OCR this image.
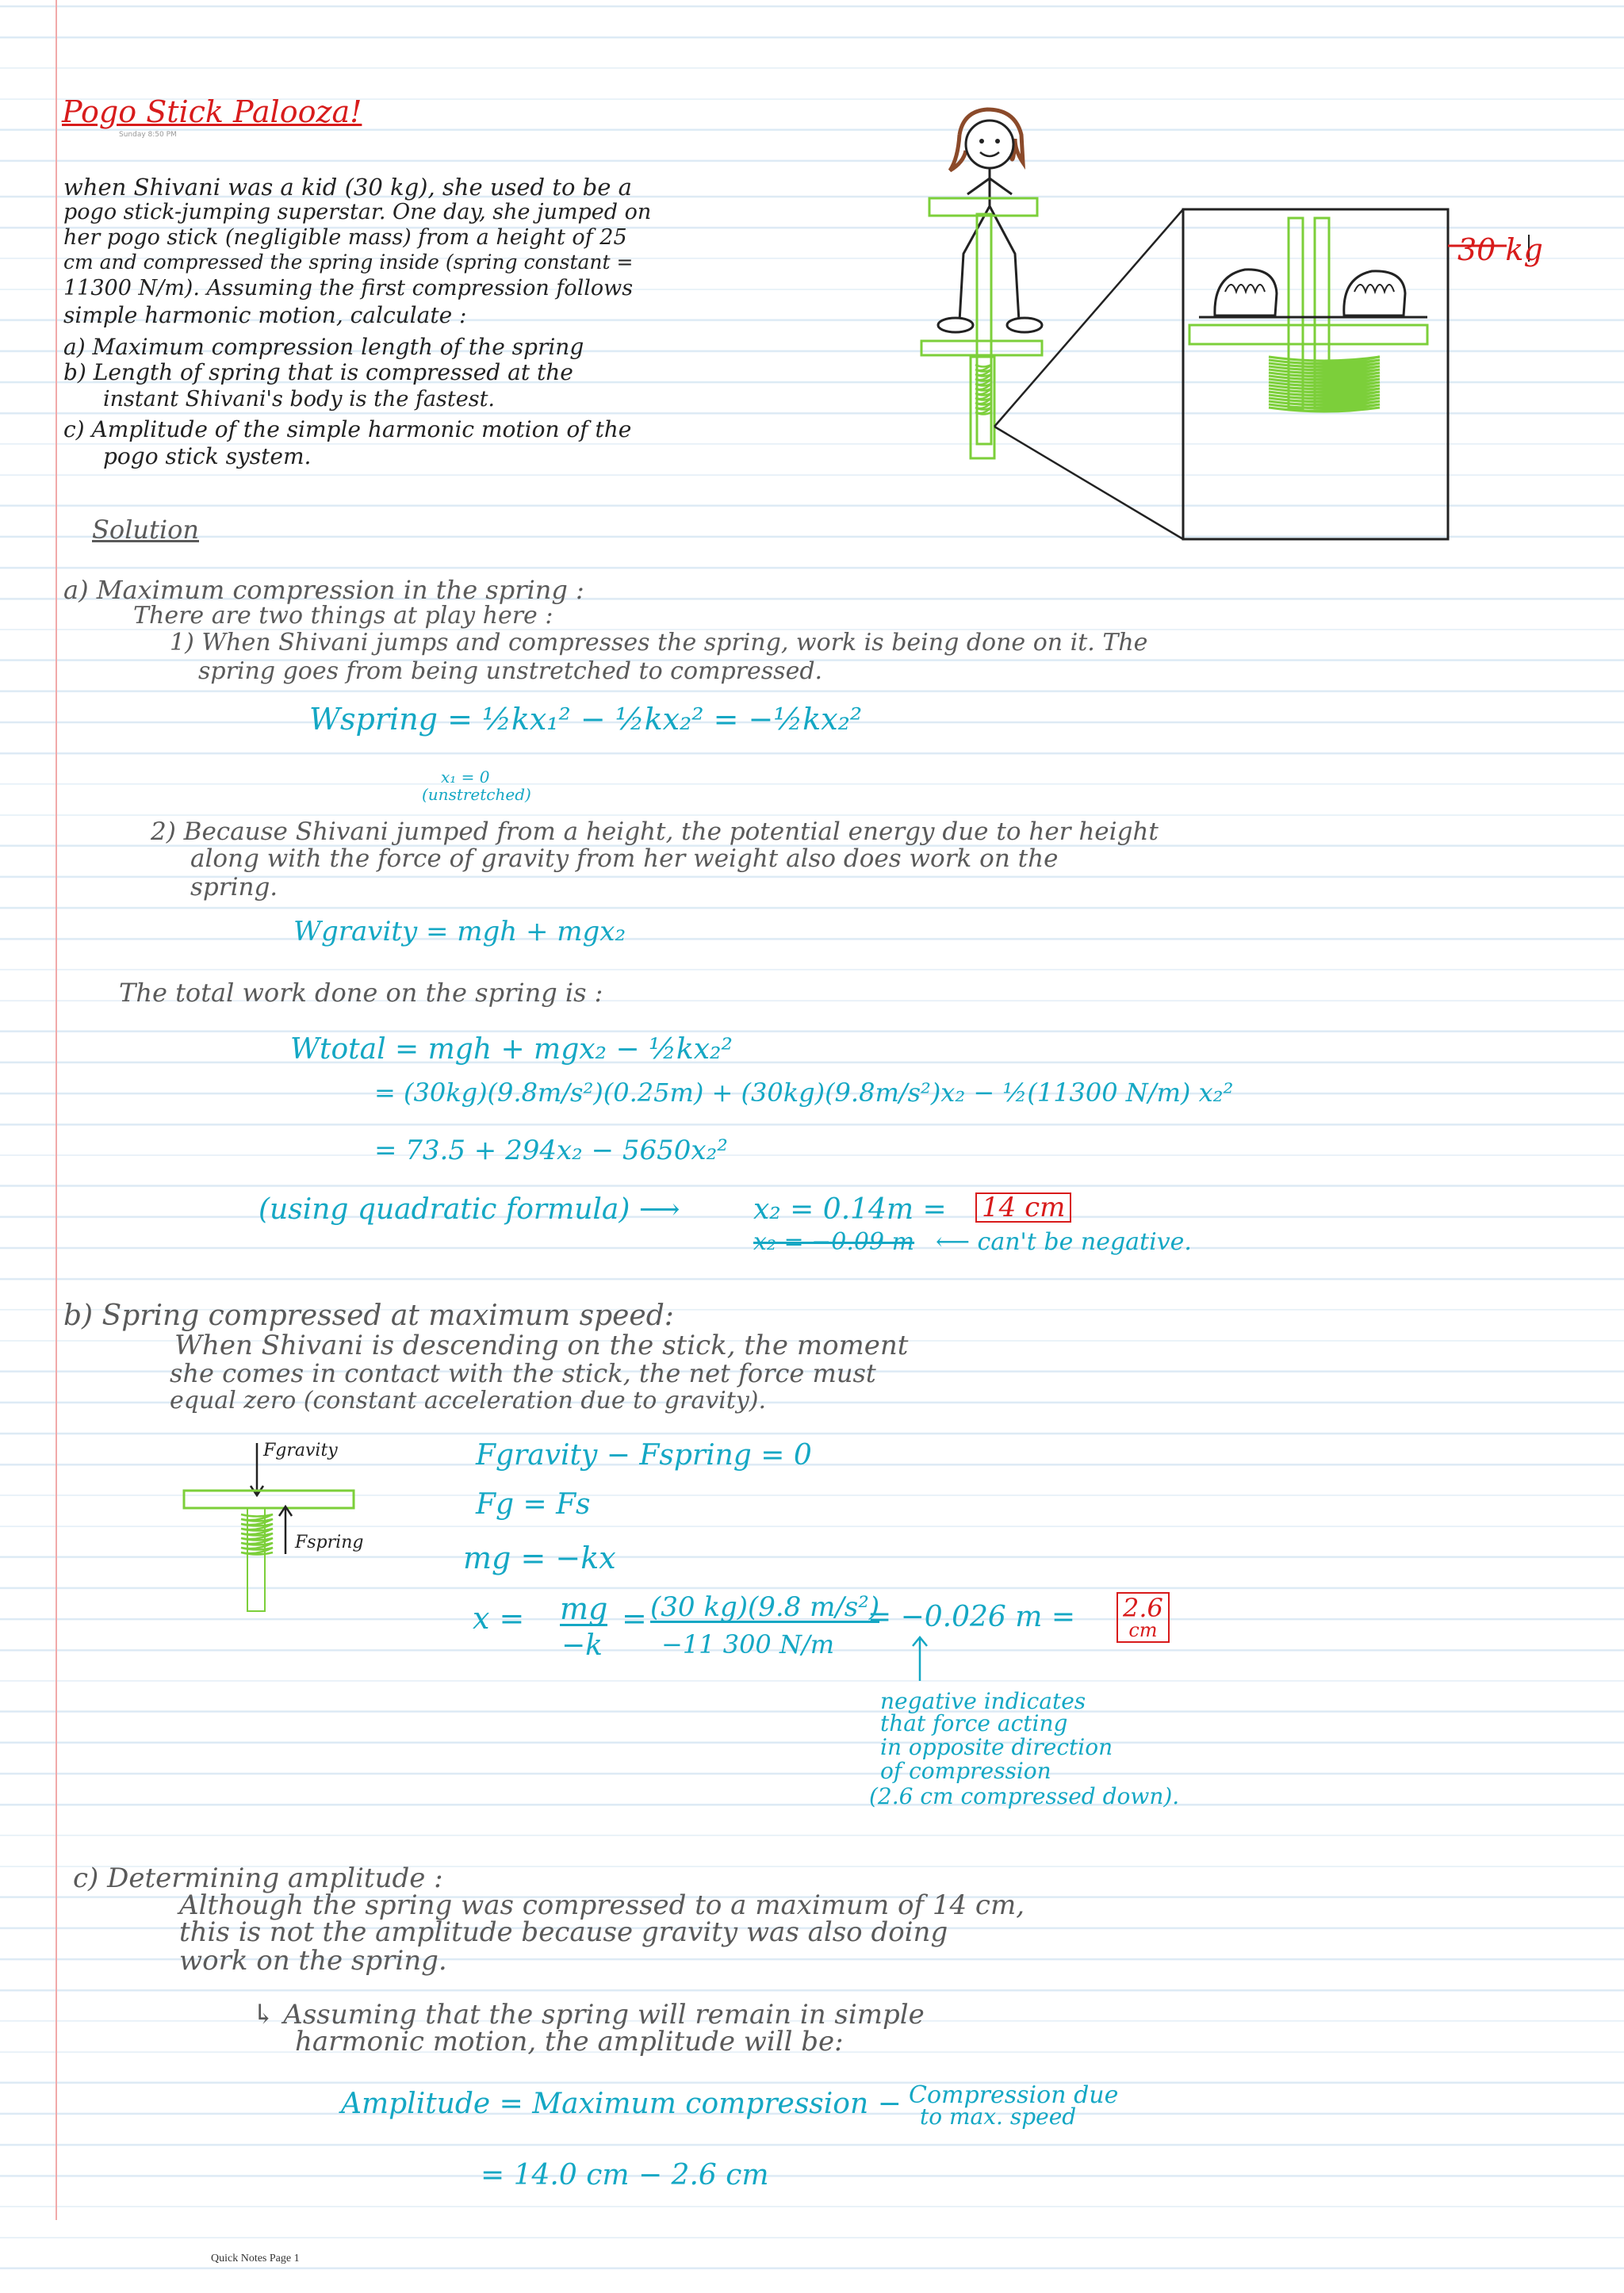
Pogo Stick Palooza!
Sunday 8:50 PM
when Shivani was a kid (30 kg), she used to be a
pogo stick-jumping superstar. One day, she jumped on
her pogo stick (negligible mass) from a height of 25
cm and compressed the spring inside (spring constant =
11300 N/m). Assuming the first compression follows
simple harmonic motion, calculate :
a) Maximum compression length of the spring
b) Length of spring that is compressed at the
instant Shivani's body is the fastest.
c) Amplitude of the simple harmonic motion of the
pogo stick system.
30 kg
Solution
a) Maximum compression in the spring :
There are two things at play here :
1) When Shivani jumps and compresses the spring, work is being done on it. The
spring goes from being unstretched to compressed.
Wspring = ½kx₁² − ½kx₂² = −½kx₂²
x₁ = 0
(unstretched)
2) Because Shivani jumped from a height, the potential energy due to her height
along with the force of gravity from her weight also does work on the
spring.
Wgravity = mgh + mgx₂
The total work done on the spring is :
Wtotal = mgh + mgx₂ − ½kx₂²
= (30kg)(9.8m/s²)(0.25m) + (30kg)(9.8m/s²)x₂ − ½(11300 N/m) x₂²
= 73.5 + 294x₂ − 5650x₂²
(using quadratic formula) ⟶	x₂ = 0.14m = 14 cm
x₂ = −0.09 m ⟵ can't be negative.
b) Spring compressed at maximum speed:
When Shivani is descending on the stick, the moment
she comes in contact with the stick, the net force must
equal zero (constant acceleration due to gravity).
Fgravity
Fspring
Fgravity − Fspring = 0
Fg = Fs
mg = −kx
x = mg
−k
= (30 kg)(9.8 m/s²)
−11 300 N/m
= −0.026 m = 2.6
cm
negative indicates
that force acting
in opposite direction
of compression
(2.6 cm compressed down).
c) Determining amplitude :
Although the spring was compressed to a maximum of 14 cm,
this is not the amplitude because gravity was also doing
work on the spring.
↳ Assuming that the spring will remain in simple
harmonic motion, the amplitude will be:
Amplitude = Maximum compression − Compression due
to max. speed
= 14.0 cm − 2.6 cm
Quick Notes Page 1
